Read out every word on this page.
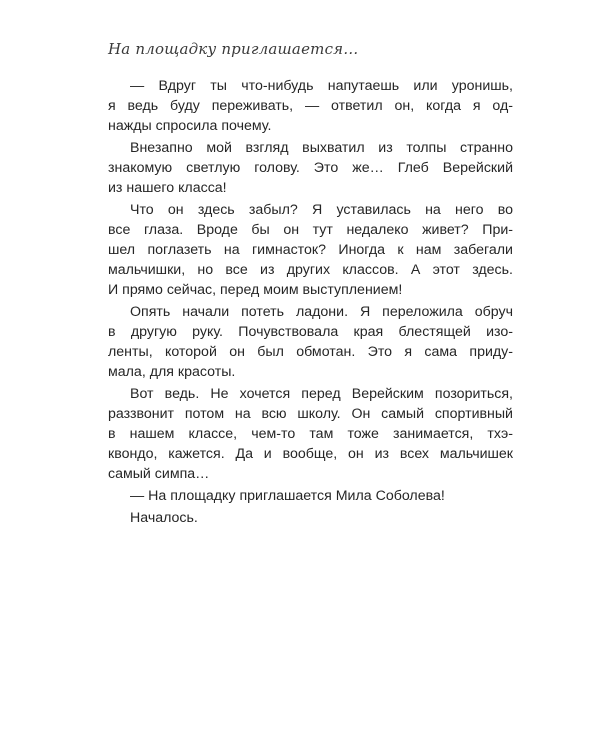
На площадку приглашается…
— Вдруг ты что-нибудь напутаешь или уронишь,
я ведь буду переживать, — ответил он, когда я од-
нажды спросила почему.
Внезапно мой взгляд выхватил из толпы странно
знакомую светлую голову. Это же… Глеб Верейский
из нашего класса!
Что он здесь забыл? Я уставилась на него во
все глаза. Вроде бы он тут недалеко живет? При-
шел поглазеть на гимнасток? Иногда к нам забегали
мальчишки, но все из других классов. А этот здесь.
И прямо сейчас, перед моим выступлением!
Опять начали потеть ладони. Я переложила обруч
в другую руку. Почувствовала края блестящей изо-
ленты, которой он был обмотан. Это я сама приду-
мала, для красоты.
Вот ведь. Не хочется перед Верейским позориться,
раззвонит потом на всю школу. Он самый спортивный
в нашем классе, чем-то там тоже занимается, тхэ-
квондо, кажется. Да и вообще, он из всех мальчишек
самый симпа…
— На площадку приглашается Мила Соболева!
Началось.
